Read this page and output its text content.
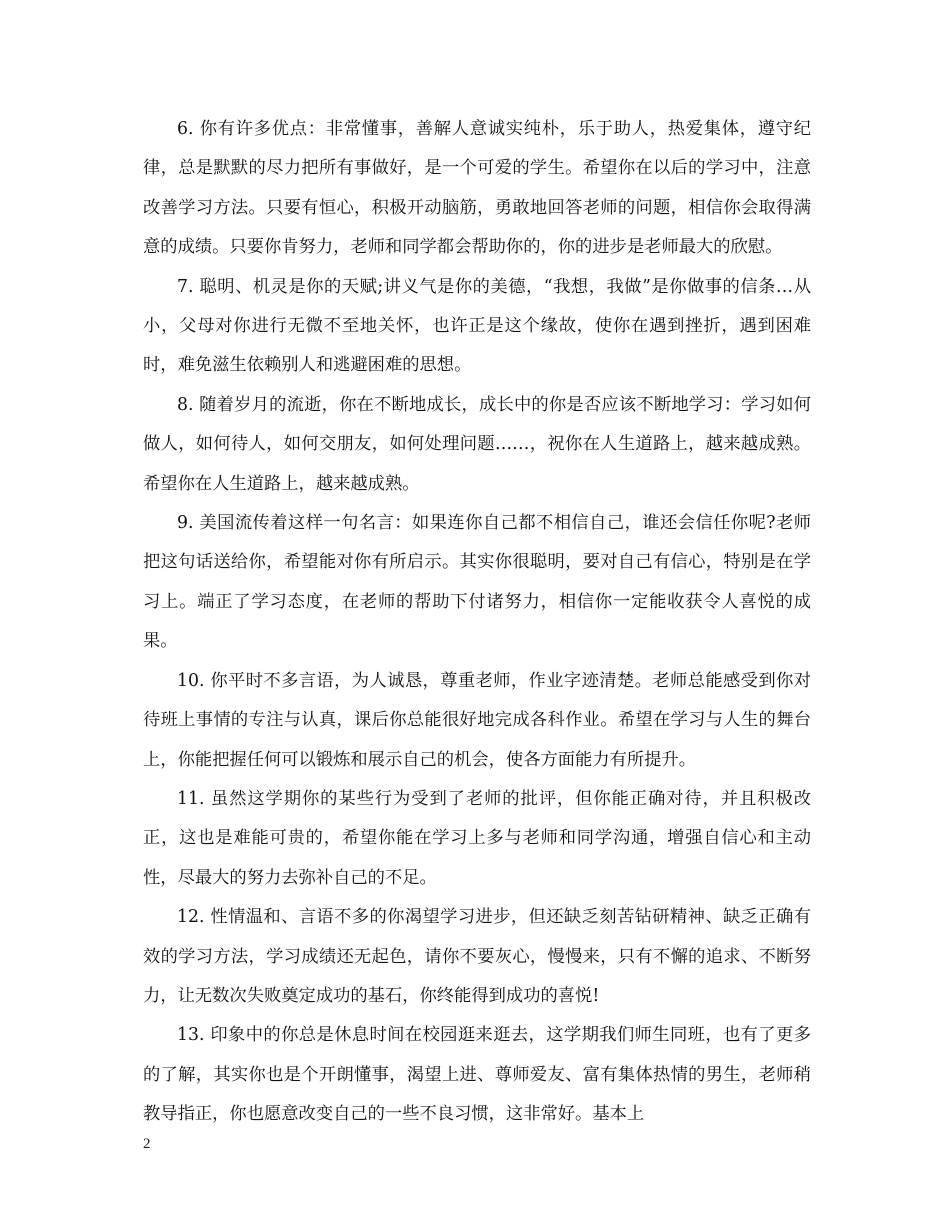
6. 你有许多优点：非常懂事，善解人意诚实纯朴，乐于助人，热爱集体，遵守纪律，总是默默的尽力把所有事做好，是一个可爱的学生。希望你在以后的学习中，注意改善学习方法。只要有恒心，积极开动脑筋，勇敢地回答老师的问题，相信你会取得满意的成绩。只要你肯努力，老师和同学都会帮助你的，你的进步是老师最大的欣慰。

7. 聪明、机灵是你的天赋;讲义气是你的美德，“我想，我做”是你做事的信条…从小，父母对你进行无微不至地关怀，也许正是这个缘故，使你在遇到挫折，遇到困难时，难免滋生依赖别人和逃避困难的思想。

8. 随着岁月的流逝，你在不断地成长，成长中的你是否应该不断地学习：学习如何做人，如何待人，如何交朋友，如何处理问题……，祝你在人生道路上，越来越成熟。希望你在人生道路上，越来越成熟。

9. 美国流传着这样一句名言：如果连你自己都不相信自己，谁还会信任你呢?老师把这句话送给你，希望能对你有所启示。其实你很聪明，要对自己有信心，特别是在学习上。端正了学习态度，在老师的帮助下付诸努力，相信你一定能收获令人喜悦的成果。

10. 你平时不多言语，为人诚恳，尊重老师，作业字迹清楚。老师总能感受到你对待班上事情的专注与认真，课后你总能很好地完成各科作业。希望在学习与人生的舞台上，你能把握任何可以锻炼和展示自己的机会，使各方面能力有所提升。

11. 虽然这学期你的某些行为受到了老师的批评，但你能正确对待，并且积极改正，这也是难能可贵的，希望你能在学习上多与老师和同学沟通，增强自信心和主动性，尽最大的努力去弥补自己的不足。

12. 性情温和、言语不多的你渴望学习进步，但还缺乏刻苦钻研精神、缺乏正确有效的学习方法，学习成绩还无起色，请你不要灰心，慢慢来，只有不懈的追求、不断努力，让无数次失败奠定成功的基石，你终能得到成功的喜悦!

13. 印象中的你总是休息时间在校园逛来逛去，这学期我们师生同班，也有了更多的了解，其实你也是个开朗懂事，渴望上进、尊师爱友、富有集体热情的男生，老师稍教导指正，你也愿意改变自己的一些不良习惯，这非常好。基本上

2
